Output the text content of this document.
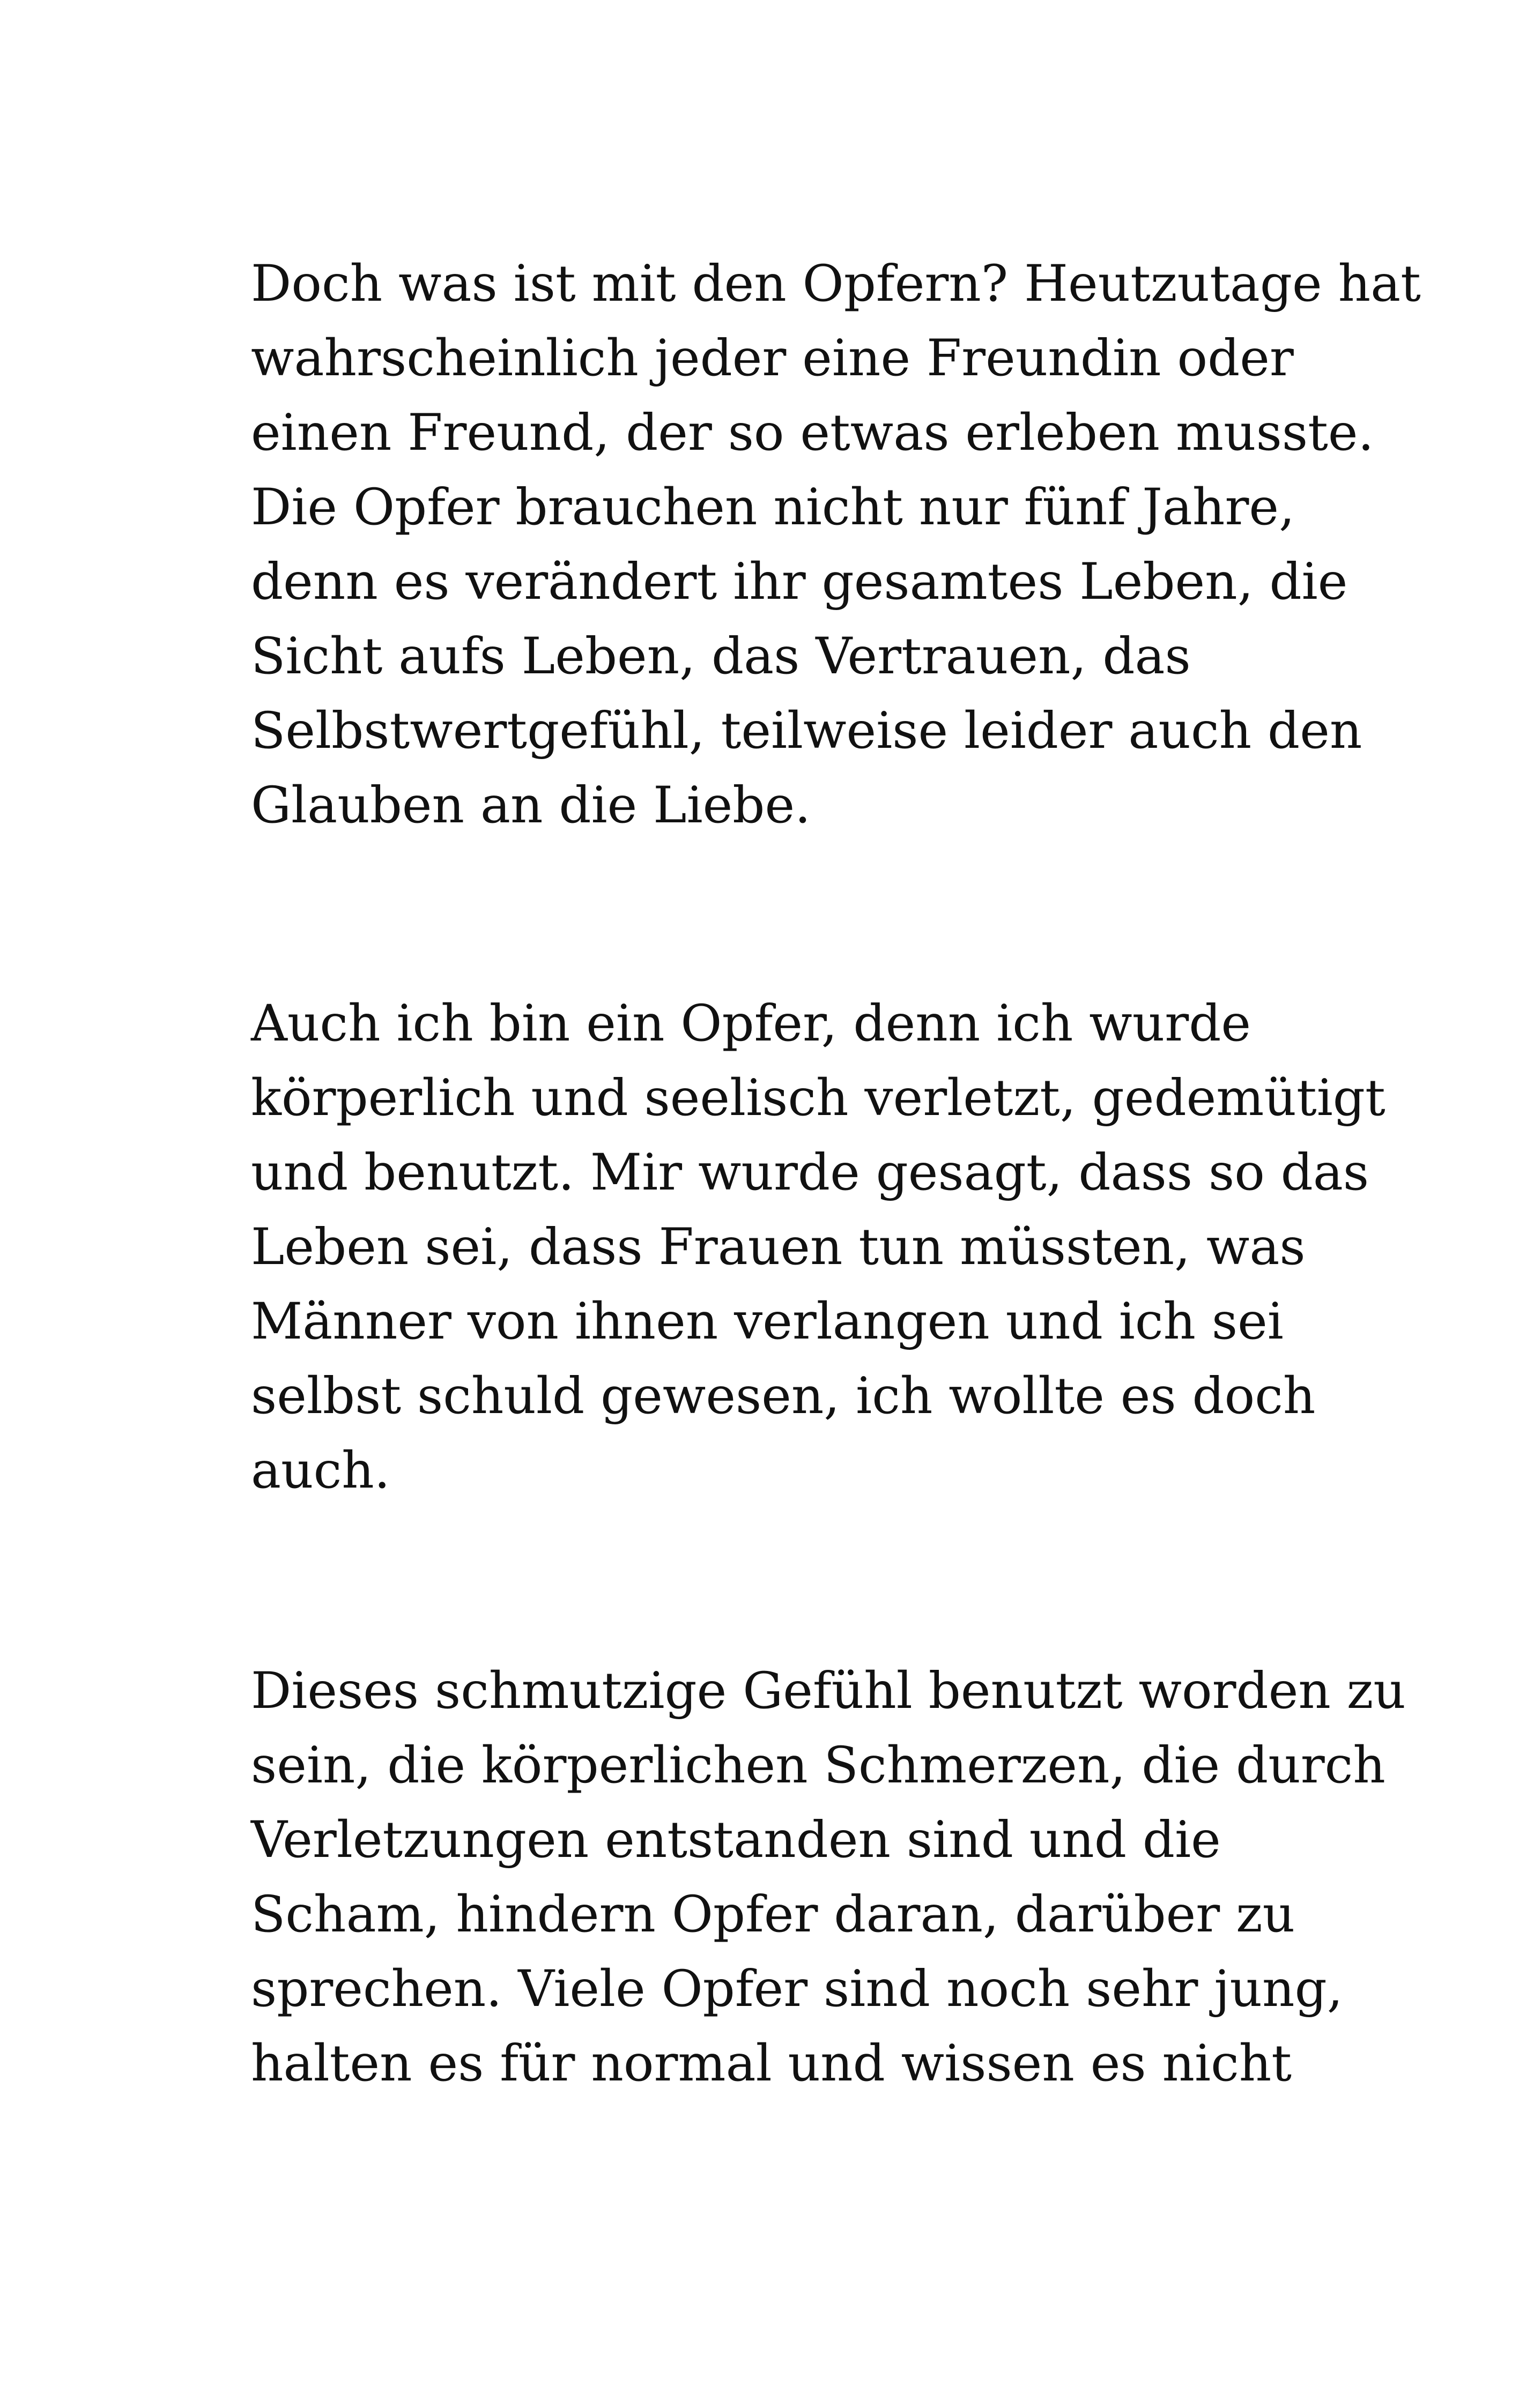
Doch was ist mit den Opfern? Heutzutage hat
wahrscheinlich jeder eine Freundin oder
einen Freund, der so etwas erleben musste.
Die Opfer brauchen nicht nur fünf Jahre,
denn es verändert ihr gesamtes Leben, die
Sicht aufs Leben, das Vertrauen, das
Selbstwertgefühl, teilweise leider auch den
Glauben an die Liebe.

Auch ich bin ein Opfer, denn ich wurde
körperlich und seelisch verletzt, gedemütigt
und benutzt. Mir wurde gesagt, dass so das
Leben sei, dass Frauen tun müssten, was
Männer von ihnen verlangen und ich sei
selbst schuld gewesen, ich wollte es doch
auch.

Dieses schmutzige Gefühl benutzt worden zu
sein, die körperlichen Schmerzen, die durch
Verletzungen entstanden sind und die
Scham, hindern Opfer daran, darüber zu
sprechen. Viele Opfer sind noch sehr jung,
halten es für normal und wissen es nicht
